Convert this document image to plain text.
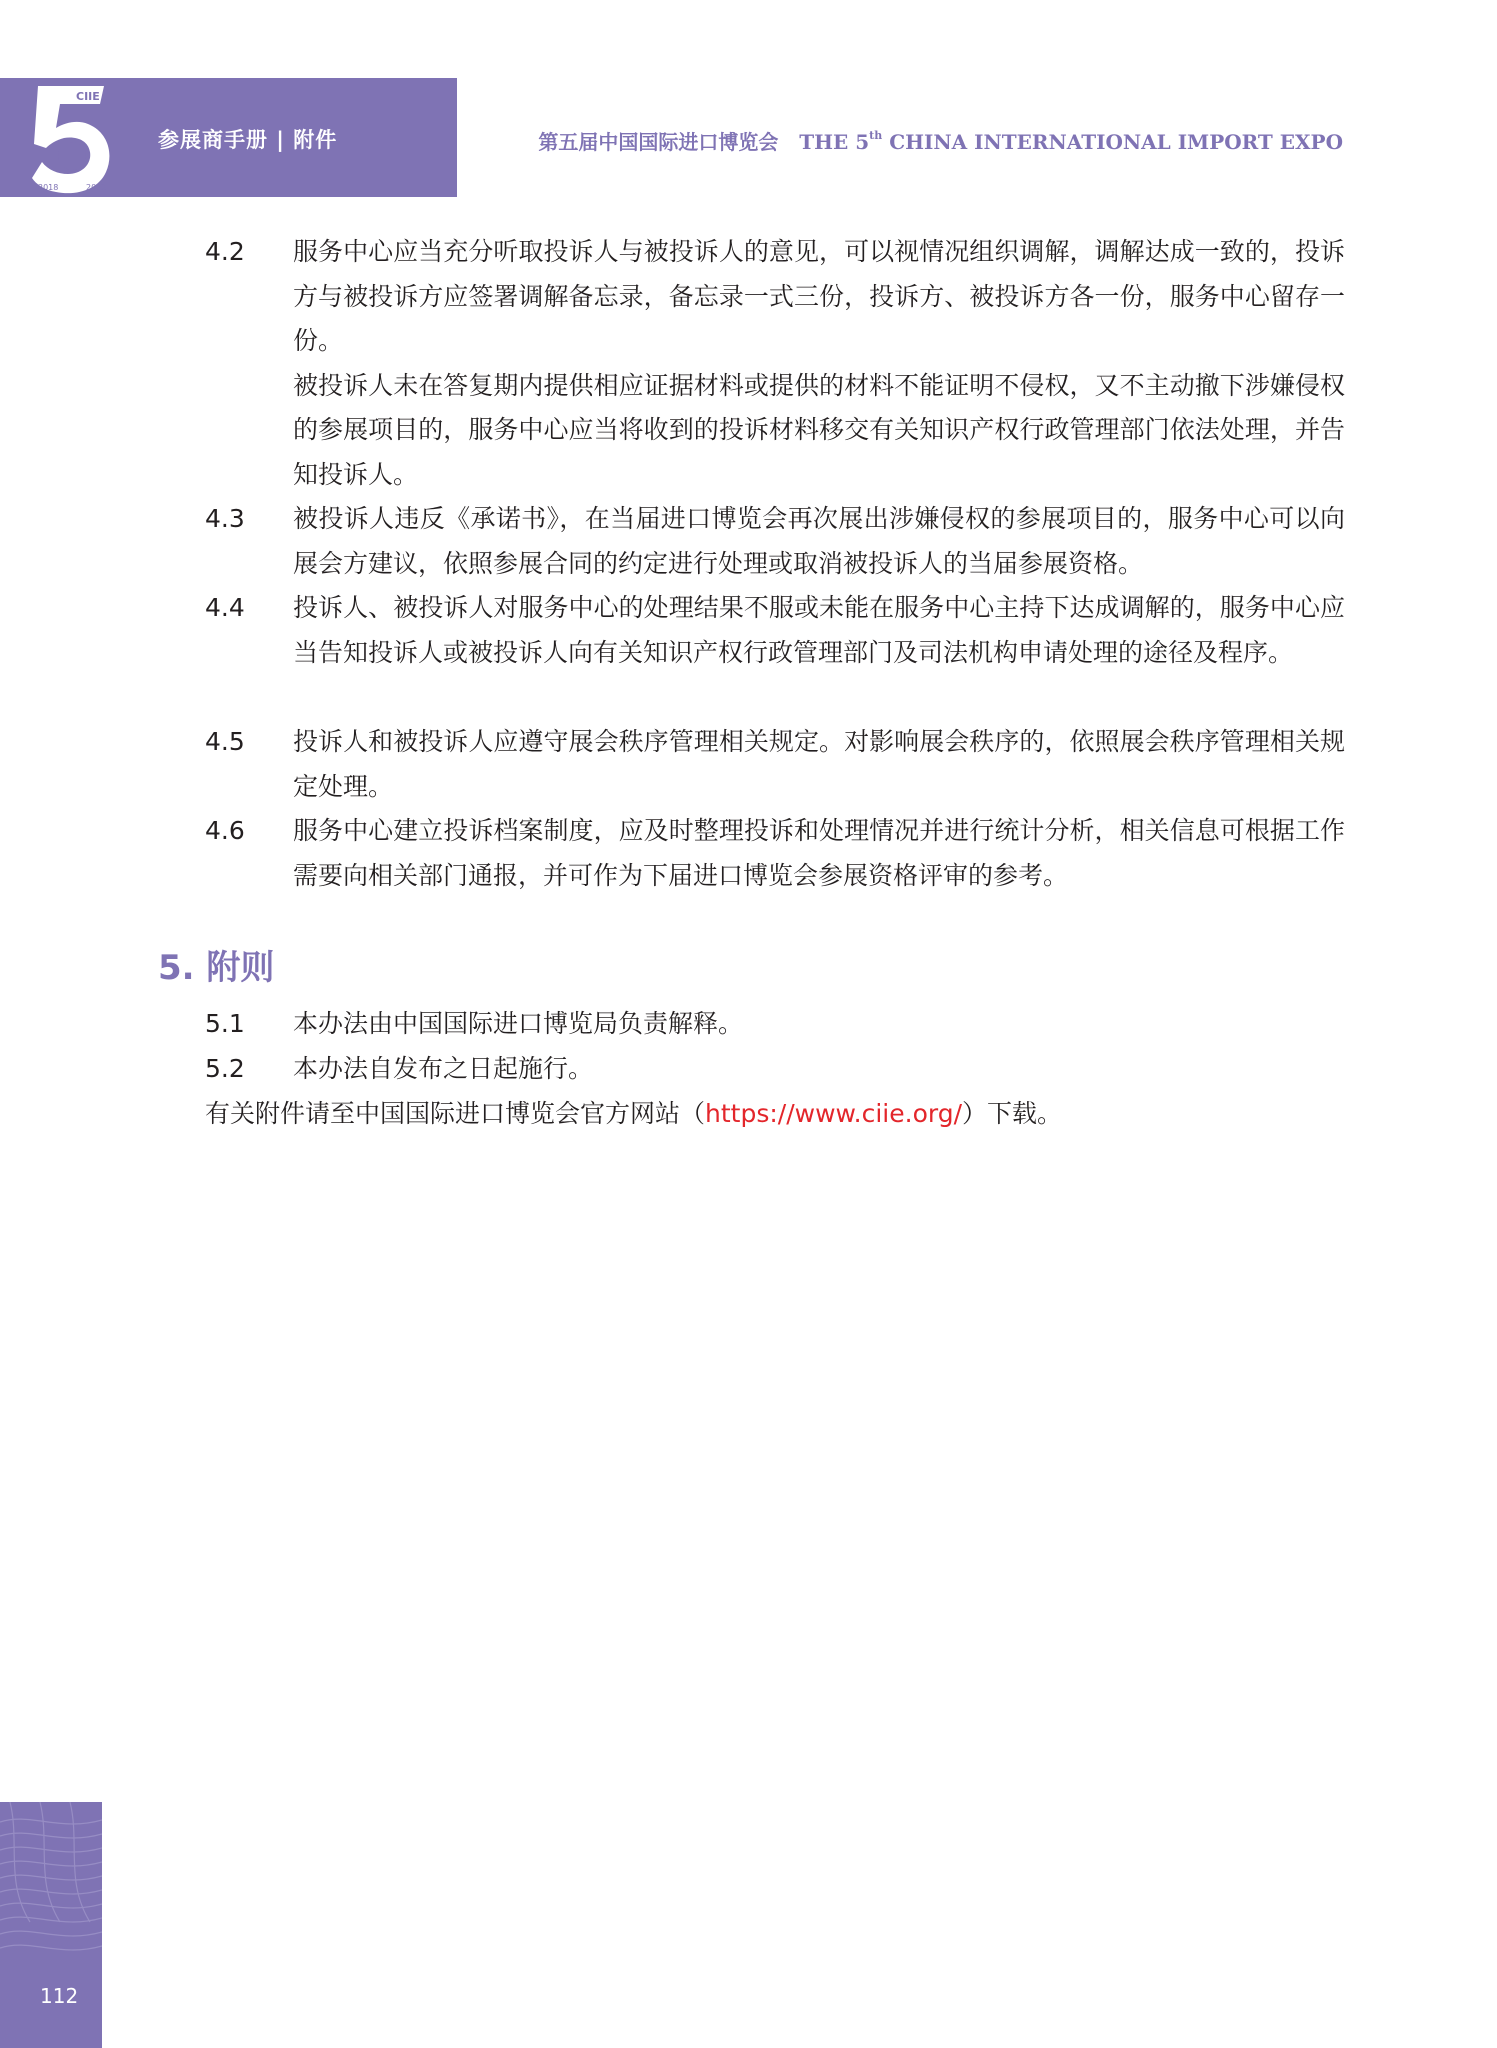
CIIE
2018	2022
参展商手册 | 附件	第五届中国国际进口博览会 THE 5th CHINA INTERNATIONAL IMPORT EXPO
4.2 服务中心应当充分听取投诉人与被投诉人的意见，可以视情况组织调解，调解达成一致的，投诉方与被投诉方应签署调解备忘录，备忘录一式三份，投诉方、被投诉方各一份，服务中心留存一份。
被投诉人未在答复期内提供相应证据材料或提供的材料不能证明不侵权，又不主动撤下涉嫌侵权的参展项目的，服务中心应当将收到的投诉材料移交有关知识产权行政管理部门依法处理，并告知投诉人。
4.3 被投诉人违反《承诺书》，在当届进口博览会再次展出涉嫌侵权的参展项目的，服务中心可以向展会方建议，依照参展合同的约定进行处理或取消被投诉人的当届参展资格。
4.4 投诉人、被投诉人对服务中心的处理结果不服或未能在服务中心主持下达成调解的，服务中心应当告知投诉人或被投诉人向有关知识产权行政管理部门及司法机构申请处理的途径及程序。
4.5 投诉人和被投诉人应遵守展会秩序管理相关规定。对影响展会秩序的，依照展会秩序管理相关规定处理。
4.6 服务中心建立投诉档案制度，应及时整理投诉和处理情况并进行统计分析，相关信息可根据工作需要向相关部门通报，并可作为下届进口博览会参展资格评审的参考。
5. 附则
5.1 本办法由中国国际进口博览局负责解释。
5.2 本办法自发布之日起施行。
有关附件请至中国国际进口博览会官方网站（https://www.ciie.org/）下载。
112
